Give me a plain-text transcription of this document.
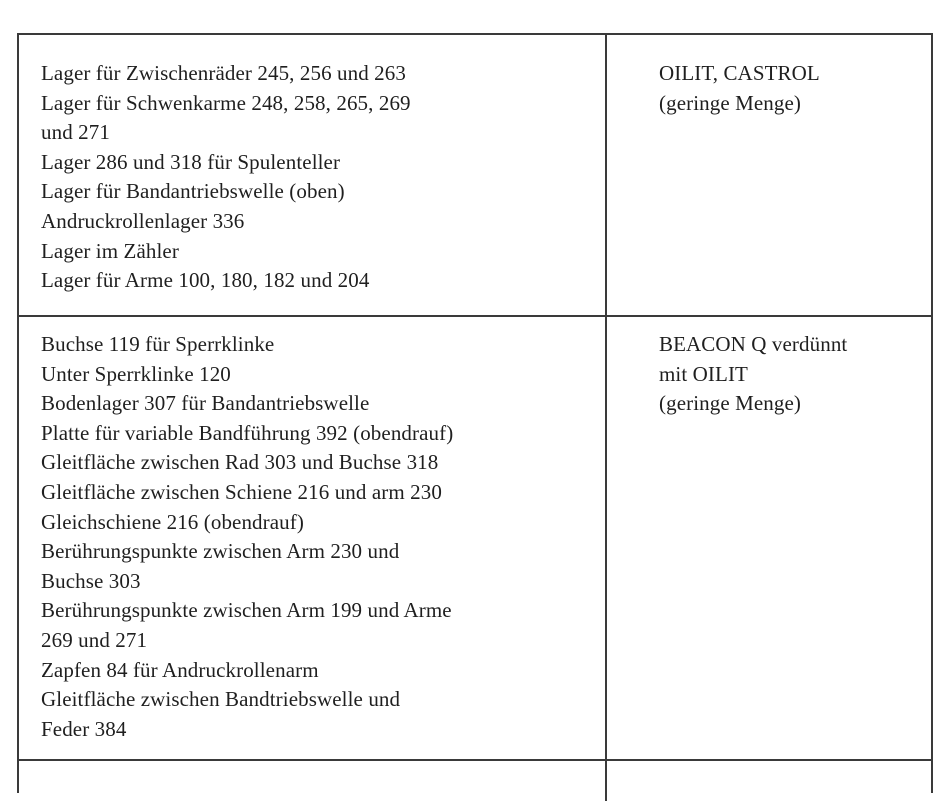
Lager für Zwischenräder 245, 256 und 263
Lager für Schwenkarme 248, 258, 265, 269
und 271
Lager 286 und 318 für Spulenteller
Lager für Bandantriebswelle (oben)
Andruckrollenlager 336
Lager im Zähler
Lager für Arme 100, 180, 182 und 204
OILIT, CASTROL
(geringe Menge)
Buchse 119 für Sperrklinke
Unter Sperrklinke 120
Bodenlager 307 für Bandantriebswelle
Platte für variable Bandführung 392 (obendrauf)
Gleitfläche zwischen Rad 303 und Buchse 318
Gleitfläche zwischen Schiene 216 und arm 230
Gleichschiene 216 (obendrauf)
Berührungspunkte zwischen Arm 230 und
Buchse 303
Berührungspunkte zwischen Arm 199 und Arme
269 und 271
Zapfen 84 für Andruckrollenarm
Gleitfläche zwischen Bandtriebswelle und
Feder 384
BEACON Q verdünnt
mit OILIT
(geringe Menge)
